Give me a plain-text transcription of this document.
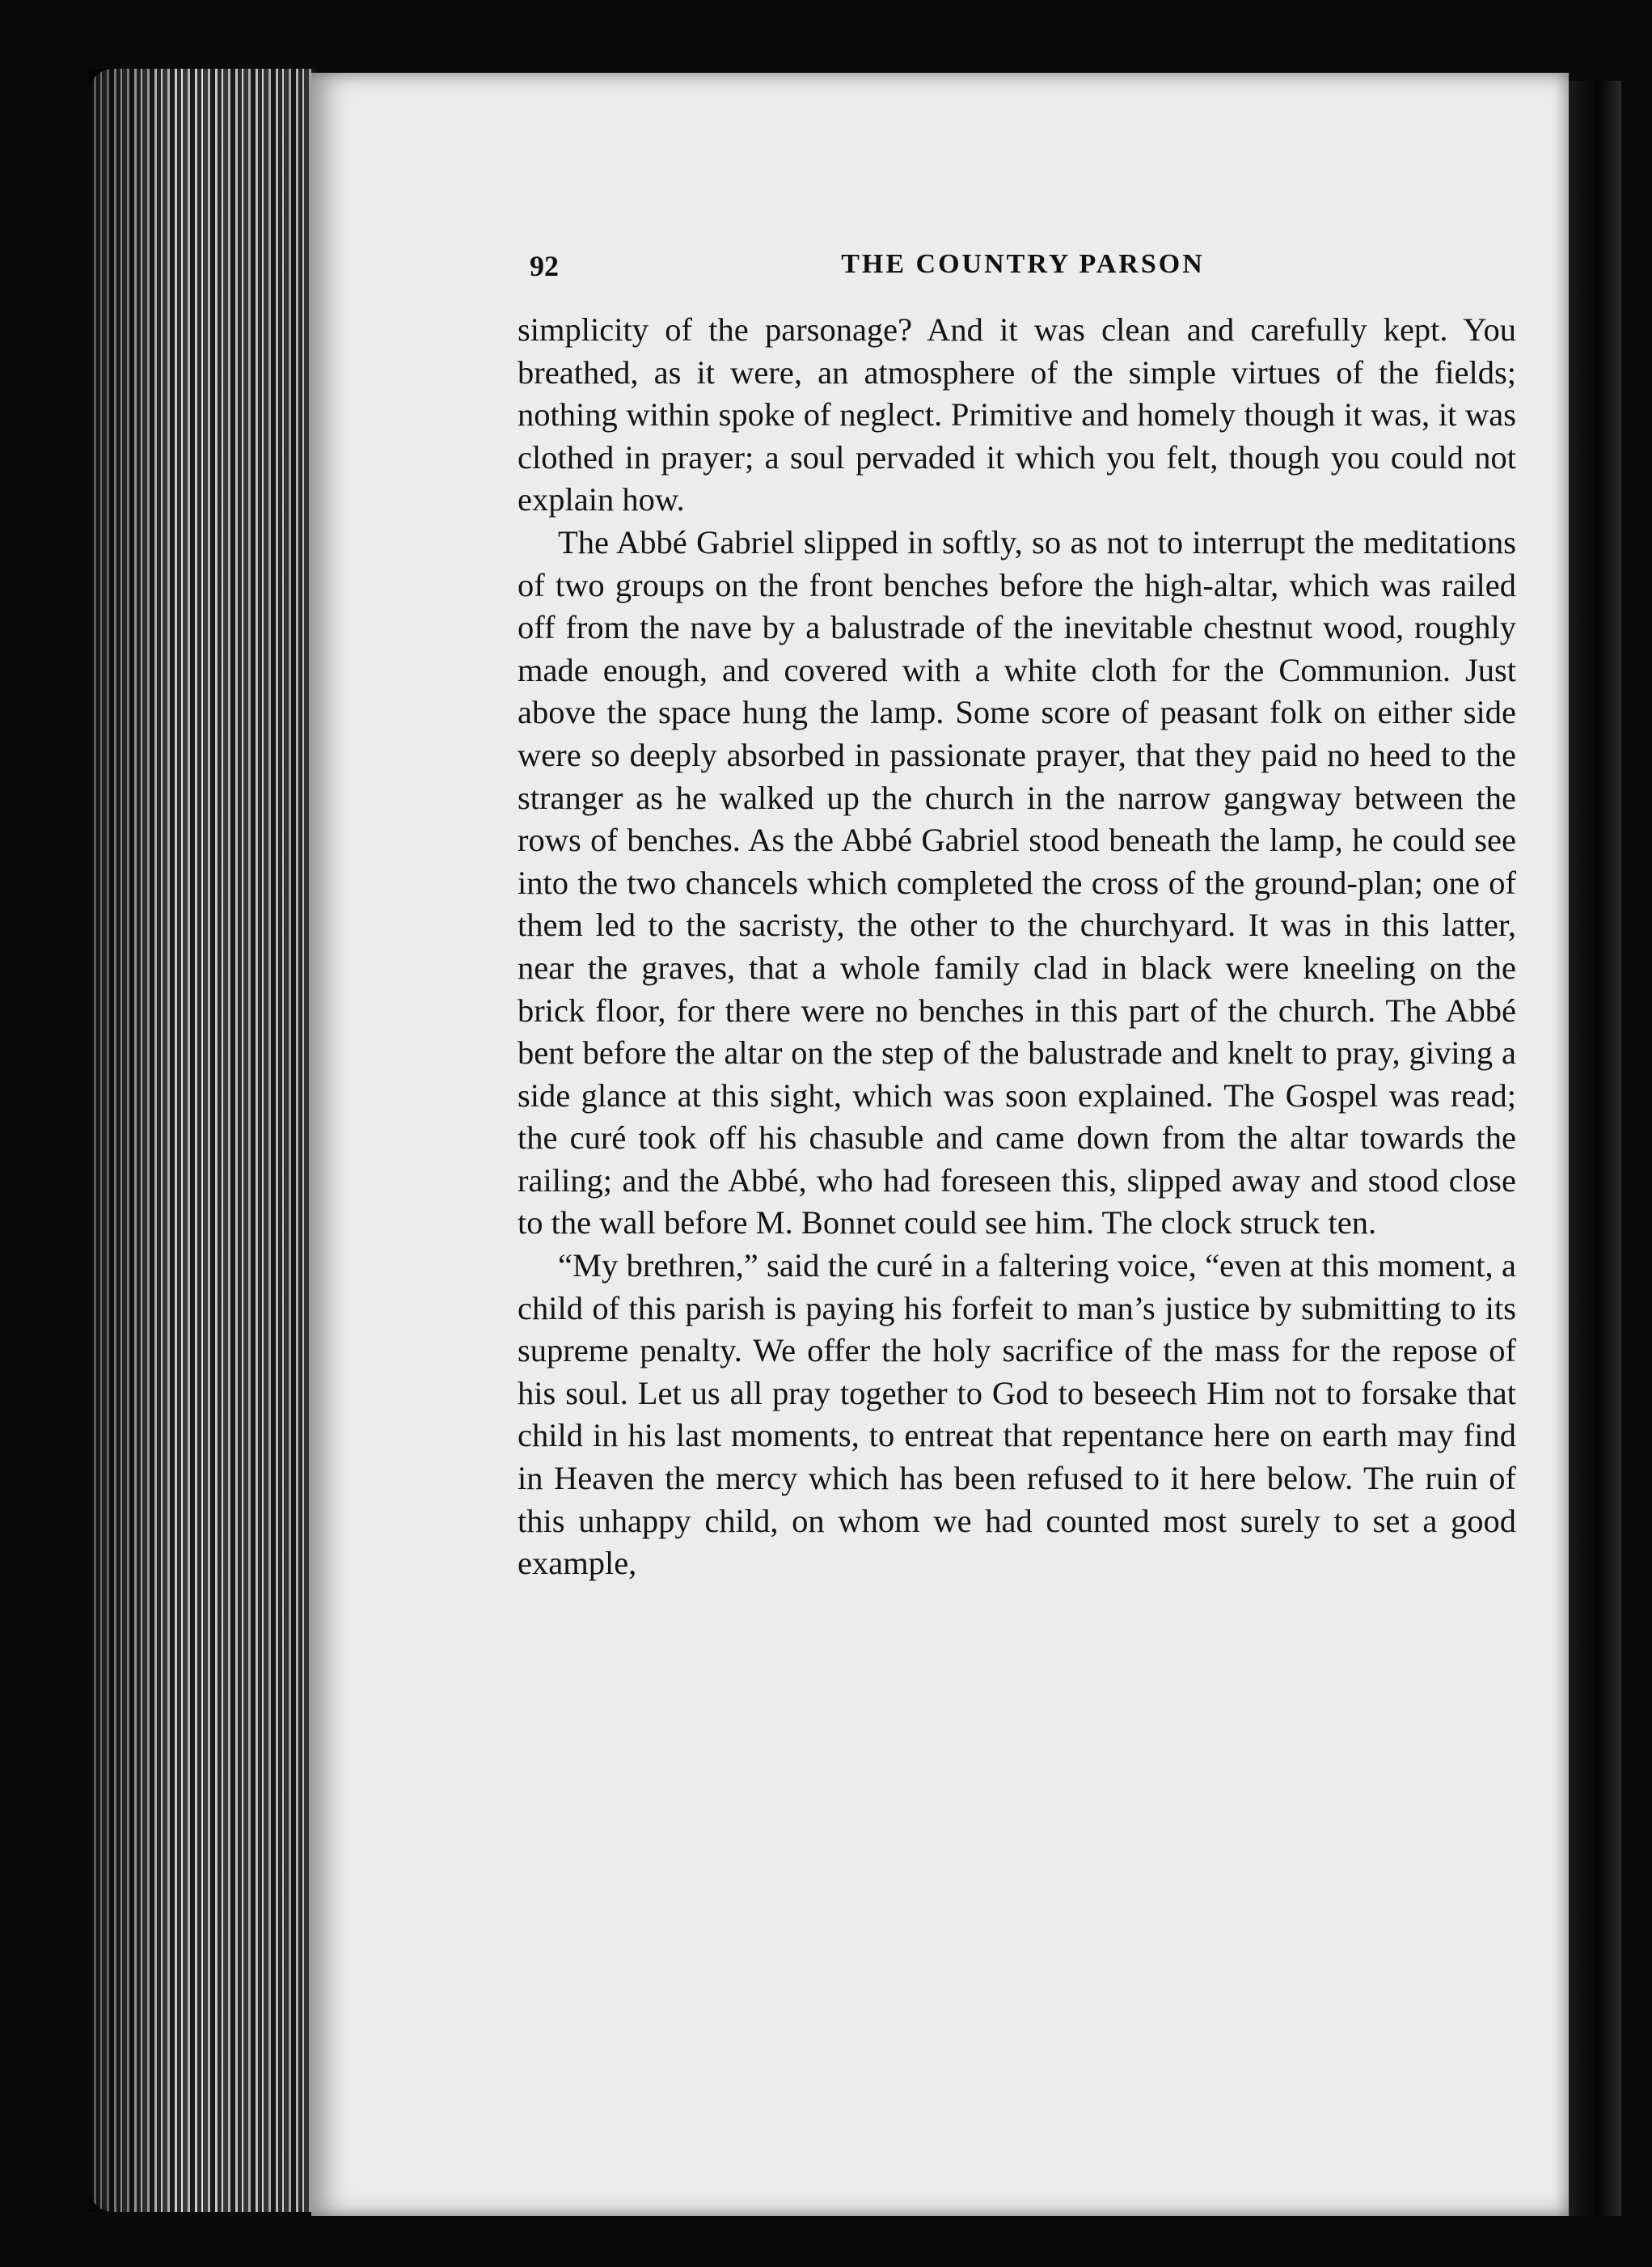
92	THE COUNTRY PARSON

simplicity of the parsonage? And it was clean and carefully kept. You breathed, as it were, an atmosphere of the simple virtues of the fields; nothing within spoke of neglect. Primitive and homely though it was, it was clothed in prayer; a soul pervaded it which you felt, though you could not explain how.

The Abbé Gabriel slipped in softly, so as not to interrupt the meditations of two groups on the front benches before the high-altar, which was railed off from the nave by a balustrade of the inevitable chestnut wood, roughly made enough, and covered with a white cloth for the Communion. Just above the space hung the lamp. Some score of peasant folk on either side were so deeply absorbed in passionate prayer, that they paid no heed to the stranger as he walked up the church in the narrow gangway between the rows of benches. As the Abbé Gabriel stood beneath the lamp, he could see into the two chancels which completed the cross of the ground-plan; one of them led to the sacristy, the other to the churchyard. It was in this latter, near the graves, that a whole family clad in black were kneeling on the brick floor, for there were no benches in this part of the church. The Abbé bent before the altar on the step of the balustrade and knelt to pray, giving a side glance at this sight, which was soon explained. The Gospel was read; the curé took off his chasuble and came down from the altar towards the railing; and the Abbé, who had foreseen this, slipped away and stood close to the wall before M. Bonnet could see him. The clock struck ten.

“My brethren,” said the curé in a faltering voice, “even at this moment, a child of this parish is paying his forfeit to man’s justice by submitting to its supreme penalty. We offer the holy sacrifice of the mass for the repose of his soul. Let us all pray together to God to beseech Him not to forsake that child in his last moments, to entreat that repentance here on earth may find in Heaven the mercy which has been refused to it here below. The ruin of this unhappy child, on whom we had counted most surely to set a good example,
